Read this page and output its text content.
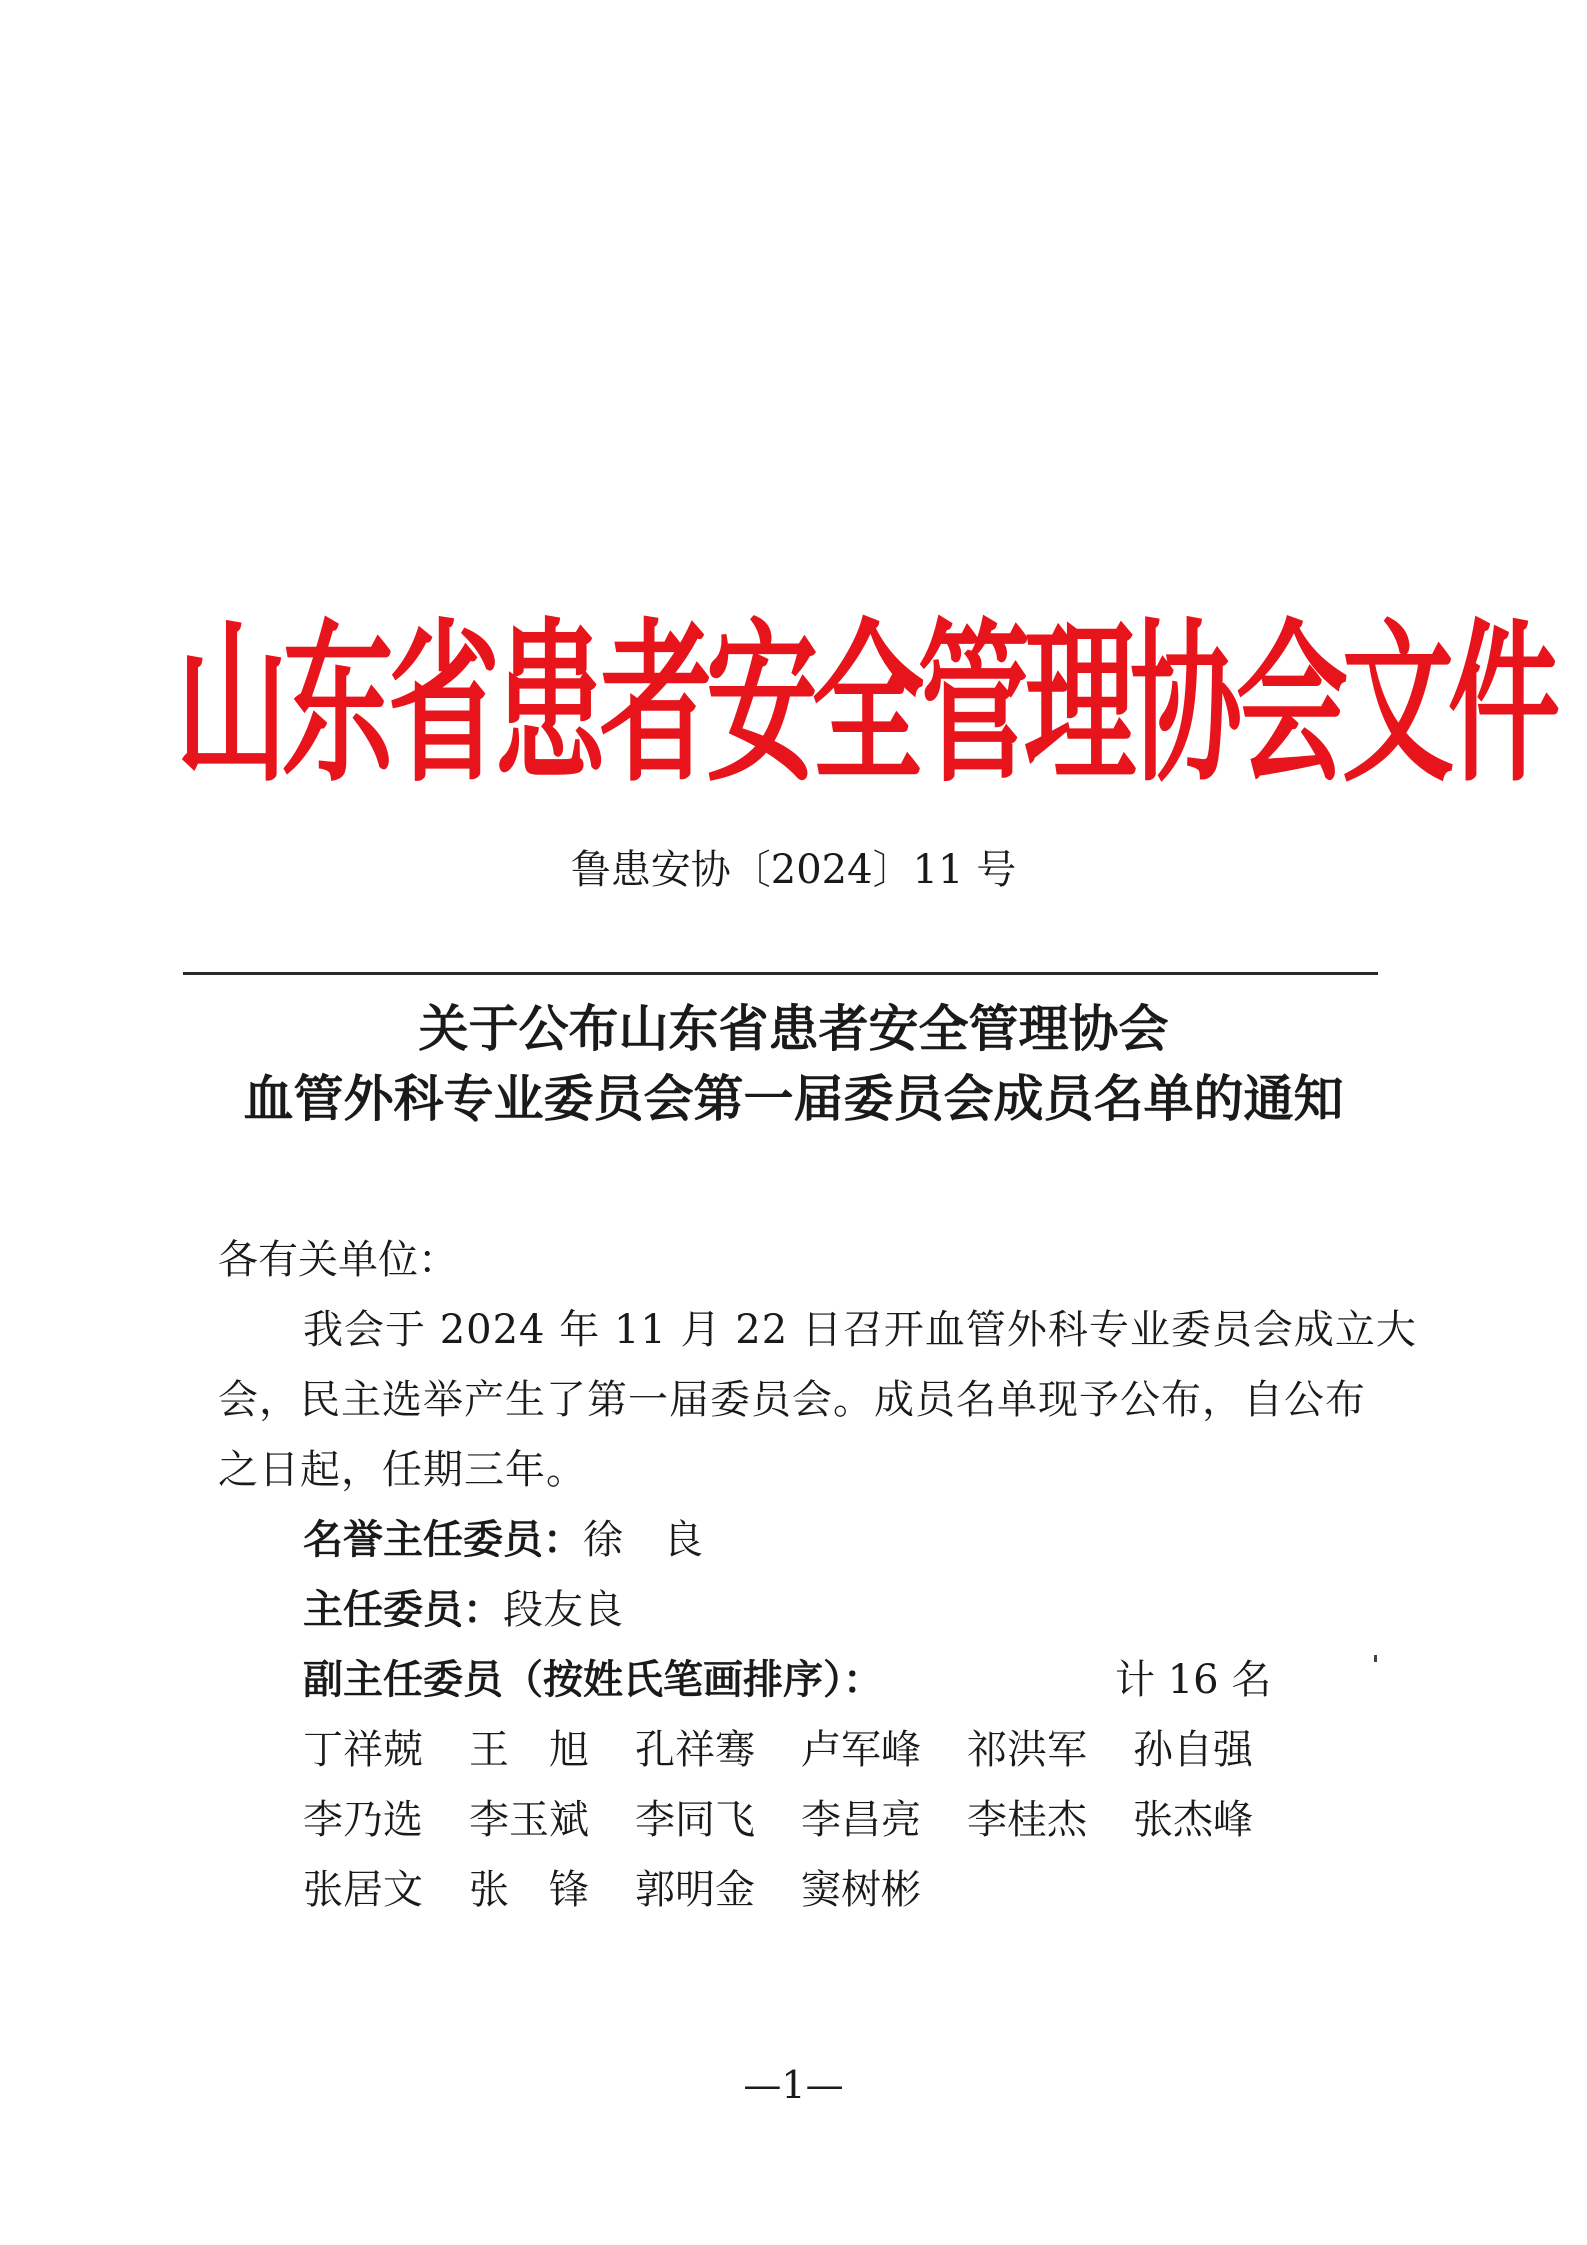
山东省患者安全管理协会文件
鲁患安协〔2024〕11 号
关于公布山东省患者安全管理协会
血管外科专业委员会第一届委员会成员名单的通知
各有关单位：
我会于 2024 年 11 月 22 日召开血管外科专业委员会成立大
会，民主选举产生了第一届委员会。成员名单现予公布，自公布
之日起，任期三年。
名誉主任委员：徐　良
主任委员：段友良
副主任委员（按姓氏笔画排序）：	计 16 名
丁祥兢	王　旭	孔祥骞	卢军峰	祁洪军	孙自强
李乃选	李玉斌	李同飞	李昌亮	李桂杰	张杰峰
张居文	张　锋	郭明金	窦树彬
—1—
